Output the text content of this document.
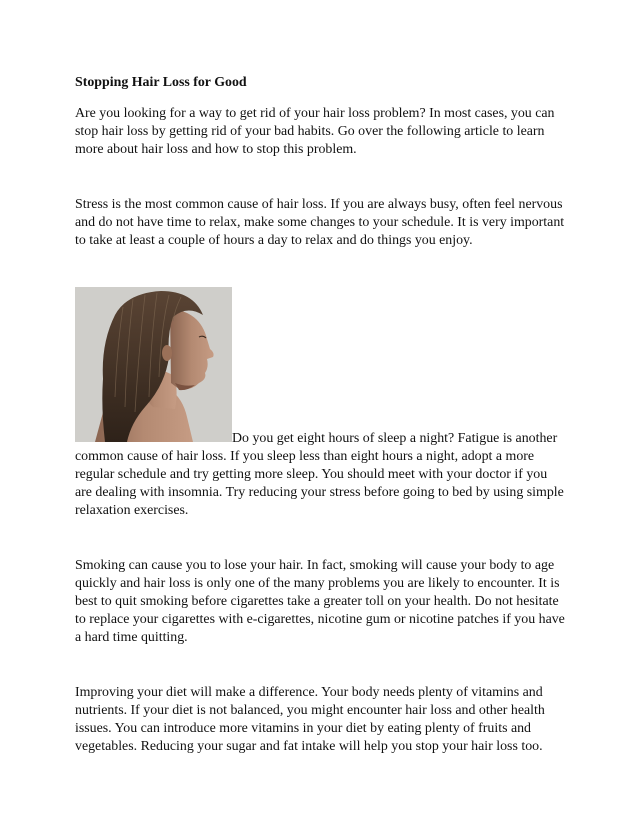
Stopping Hair Loss for Good

Are you looking for a way to get rid of your hair loss problem? In most cases, you can stop hair loss by getting rid of your bad habits. Go over the following article to learn more about hair loss and how to stop this problem.

Stress is the most common cause of hair loss. If you are always busy, often feel nervous and do not have time to relax, make some changes to your schedule. It is very important to take at least a couple of hours a day to relax and do things you enjoy.

Do you get eight hours of sleep a night? Fatigue is another common cause of hair loss. If you sleep less than eight hours a night, adopt a more regular schedule and try getting more sleep. You should meet with your doctor if you are dealing with insomnia. Try reducing your stress before going to bed by using simple relaxation exercises.

Smoking can cause you to lose your hair. In fact, smoking will cause your body to age quickly and hair loss is only one of the many problems you are likely to encounter. It is best to quit smoking before cigarettes take a greater toll on your health. Do not hesitate to replace your cigarettes with e-cigarettes, nicotine gum or nicotine patches if you have a hard time quitting.

Improving your diet will make a difference. Your body needs plenty of vitamins and nutrients. If your diet is not balanced, you might encounter hair loss and other health issues. You can introduce more vitamins in your diet by eating plenty of fruits and vegetables. Reducing your sugar and fat intake will help you stop your hair loss too.
